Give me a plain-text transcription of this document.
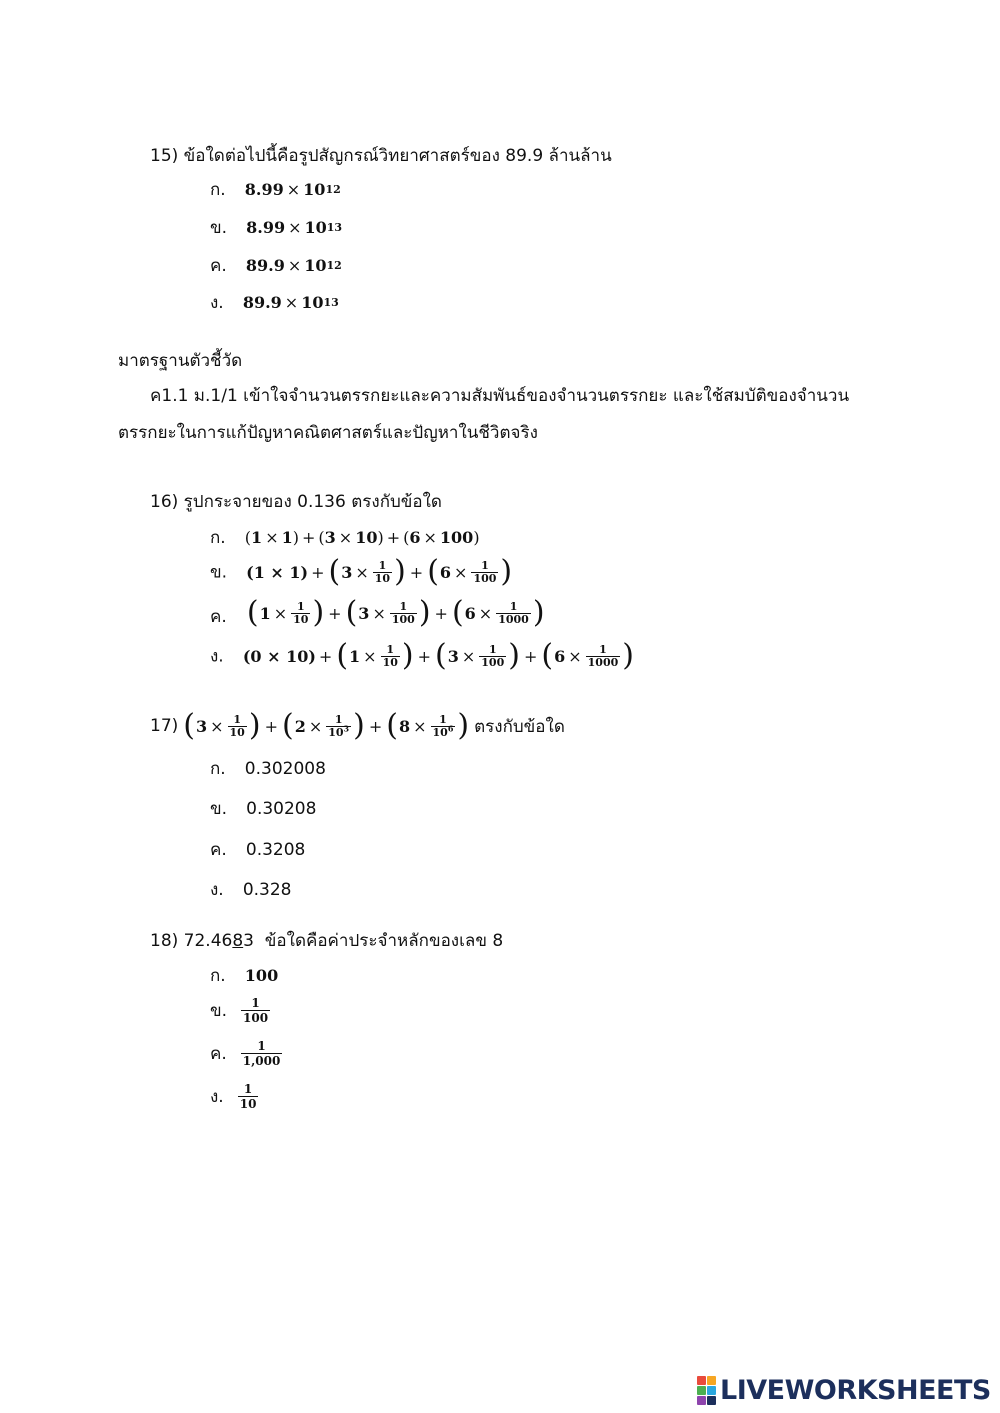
15) ข้อใดต่อไปนี้คือรูปสัญกรณ์วิทยาศาสตร์ของ 89.9 ล้านล้าน
ก. 8.99 × 10 12
ข. 8.99 × 10 13
ค. 89.9 × 10 12
ง. 89.9 × 10 13
มาตรฐานตัวชี้วัด
ค1.1 ม.1/1 เข้าใจจำนวนตรรกยะและความสัมพันธ์ของจำนวนตรรกยะ และใช้สมบัติของจำนวน
ตรรกยะในการแก้ปัญหาคณิตศาสตร์และปัญหาในชีวิตจริง
16) รูปกระจายของ 0.136 ตรงกับข้อใด
ก. ( 1 × 1 ) + ( 3 × 10 ) + ( 6 × 100 )
ข. (1 × 1) + ( $3 \times \frac{1}{10}$ ) + ( $6 \times \frac{1}{100}$ )
ค. ( $1 \times \frac{1}{10}$ ) + ( $3 \times \frac{1}{100}$ ) + ( $6 \times \frac{1}{1000}$ )
ง. (0 × 10) + ( $1 \times \frac{1}{10}$ ) + ( $3 \times \frac{1}{100}$ ) + ( $6 \times \frac{1}{1000}$ )
17) ( $3 \times \frac{1}{10}$ ) + ( $2 \times \frac{1}{10^3}$ ) + ( $8 \times \frac{1}{10^6}$ ) ตรงกับข้อใด
ก. 0.302008
ข. 0.30208
ค. 0.3208
ง. 0.328
18) 72.4683  ข้อใดคือค่าประจำหลักของเลข 8
ก. 100
ข. $\frac{1}{100}$
ค. $\frac{1}{1,000}$
ง. $\frac{1}{10}$
LIVEWORKSHEETS
